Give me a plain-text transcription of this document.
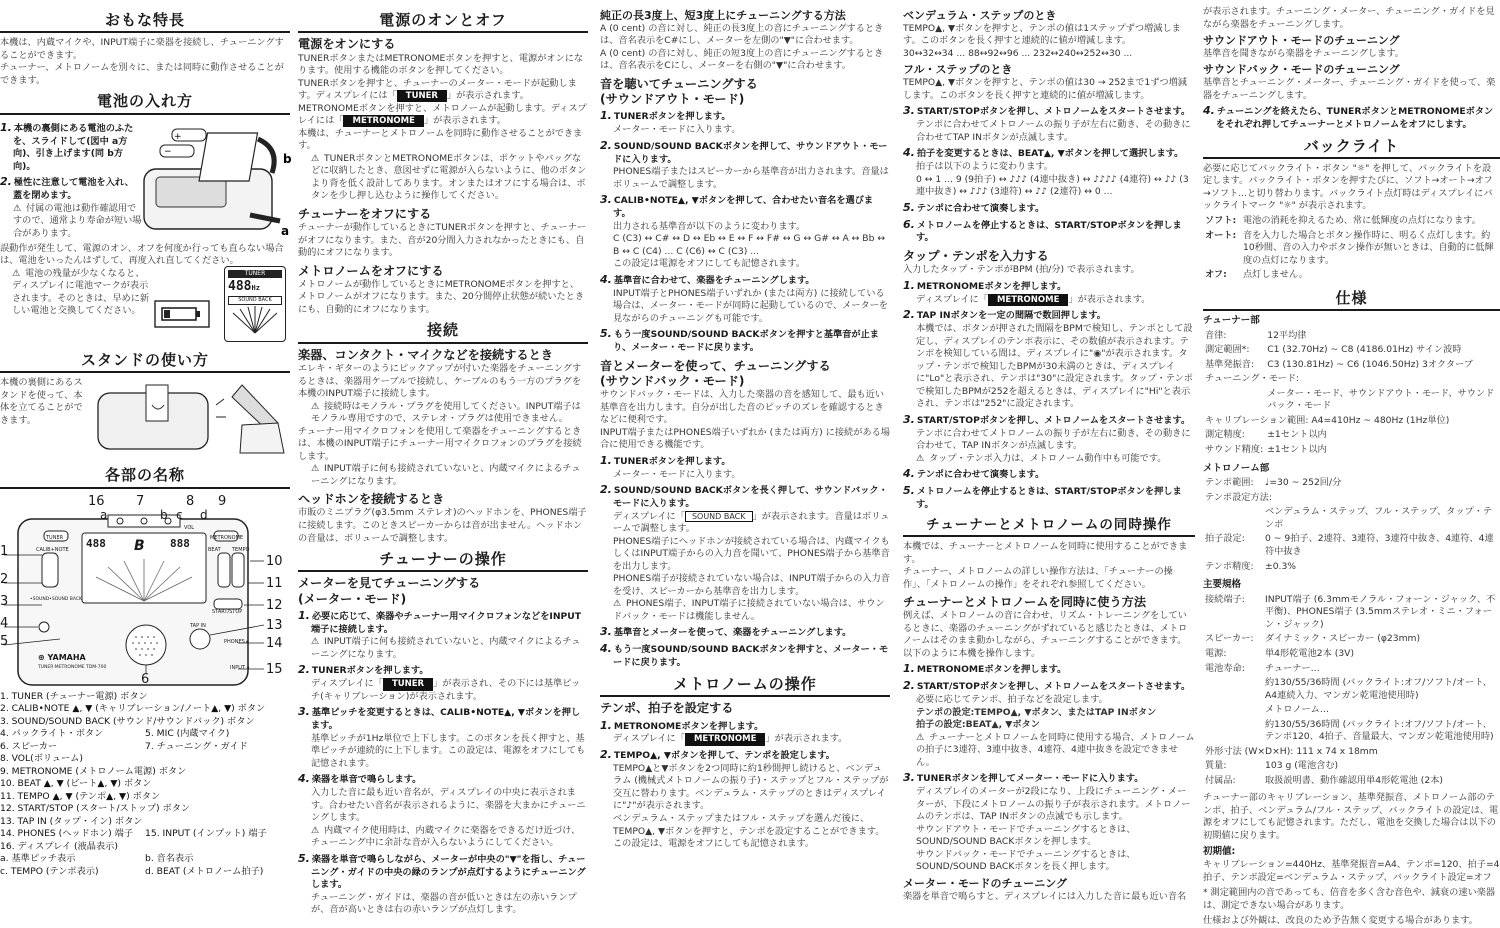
おもな特長

本機は、内蔵マイクや、INPUT端子に楽器を接続し、チューニングすることができます。

チューナー、メトロノームを別々に、または同時に動作させることができます。

電池の入れ方

1. 本機の裏側にある電池のふたを、スライドして(図中 a方向)、引き上げます(同 b方向)。

2. 極性に注意して電池を入れ、蓋を閉めます。

⚠ 付属の電池は動作確認用ですので、通常より寿命が短い場合があります。

+
−	b
a

誤動作が発生して、電源のオン、オフを何度か行っても直らない場合は、電池をいったんはずして、再度入れ直してください。

⚠ 電池の残量が少なくなると、ディスプレイに電池マークが表示されます。そのときは、早めに新しい電池と交換してください。

TUNER
488Hz
SOUND BACK
スタンドの使い方

本機の裏側にあるスタンドを使って、本体を立てることができます。

各部の名称
TUNER
CALIB+NOTE
METRONOME
BEAT TEMPO
VOL
•SOUND•SOUND BACK
START/STOP
TAP IN
PHONES ▸
INPUT ◂
⊛ YAMAHA
TUNER·METRONOME TDM-700
488	888
B
1
2
3
4
5
6
16 7	8 9
a	b c d
10
11
12
13
14
15

1. TUNER (チューナー電源) ボタン

2. CALIB•NOTE ▲, ▼ (キャリブレーション/ノート▲, ▼) ボタン

3. SOUND/SOUND BACK (サウンド/サウンドバック) ボタン

4. バックライト・ボタン	5. MIC (内蔵マイク)
6. スピーカー	7. チューニング・ガイド

8. VOL(ボリューム)

9. METRONOME (メトロノーム電源) ボタン

10. BEAT ▲, ▼ (ビート▲, ▼) ボタン

11. TEMPO ▲, ▼ (テンポ▲, ▼) ボタン

12. START/STOP (スタート/ストップ) ボタン

13. TAP IN (タップ・イン) ボタン

14. PHONES (ヘッドホン) 端子	15. INPUT (インプット) 端子

16. ディスプレイ (液晶表示)

a. 基準ピッチ表示	b. 音名表示
c. TEMPO (テンポ表示)	d. BEAT (メトロノーム拍子)
電源のオンとオフ
電源をオンにする

TUNERボタンまたはMETRONOMEボタンを押すと、電源がオンになります。使用する機能のボタンを押してください。

TUNERボタンを押すと、チューナーのメーター・モードが起動します。ディスプレイには「 TUNER 」が表示されます。

METRONOMEボタンを押すと、メトロノームが起動します。ディスプレイには「 METRONOME 」が表示されます。

本機は、チューナーとメトロノームを同時に動作させることができます。

⚠ TUNERボタンとMETRONOMEボタンは、ポケットやバッグなどに収納したとき、意図せずに電源が入らないように、他のボタンより背を低く設計してあります。オンまたはオフにする場合は、ボタンを少し押し込むように操作してください。

チューナーをオフにする

チューナーが動作しているときにTUNERボタンを押すと、チューナーがオフになります。また、音が20分間入力されなかったときにも、自動的にオフになります。

メトロノームをオフにする

メトロノームが動作しているときにMETRONOMEボタンを押すと、メトロノームがオフになります。また、20分間停止状態が続いたときにも、自動的にオフになります。

接続
楽器、コンタクト・マイクなどを接続するとき

エレキ・ギターのようにピックアップが付いた楽器をチューニングするときは、楽器用ケーブルで接続し、ケーブルのもう一方のプラグを本機のINPUT端子に接続します。

⚠ 接続時はモノラル・プラグを使用してください。INPUT端子はモノラル専用ですので、ステレオ・プラグは使用できません。

チューナー用マイクロフォンを使用して楽器をチューニングするときは、本機のINPUT端子にチューナー用マイクロフォンのプラグを接続します。

⚠ INPUT端子に何も接続されていないと、内蔵マイクによるチューニングになります。

ヘッドホンを接続するとき

市販のミニプラグ(φ3.5mm ステレオ)のヘッドホンを、PHONES端子に接続します。このときスピーカーからは音が出ません。ヘッドホンの音量は、ボリュームで調整します。

チューナーの操作
メーターを見てチューニングする
(メーター・モード)

1. 必要に応じて、楽器やチューナー用マイクロフォンなどをINPUT端子に接続します。

⚠ INPUT端子に何も接続されていないと、内蔵マイクによるチューニングになります。

2. TUNERボタンを押します。

ディスプレイに「 TUNER 」が表示され、その下には基準ピッチ(キャリブレーション)が表示されます。

3. 基準ピッチを変更するときは、CALIB•NOTE▲, ▼ボタンを押します。

基準ピッチが1Hz単位で上下します。このボタンを長く押すと、基準ピッチが連続的に上下します。この設定は、電源をオフにしても記憶されます。

4. 楽器を単音で鳴らします。

入力した音に最も近い音名が、ディスプレイの中央に表示されます。合わせたい音名が表示されるように、楽器を大まかにチューニングします。

⚠ 内蔵マイク使用時は、内蔵マイクに楽器をできるだけ近づけ、チューニング中に余計な音が入らないようにしてください。

5. 楽器を単音で鳴らしながら、メーターが中央の"▼"を指し、チューニング・ガイドの中央の緑のランプが点灯するようにチューニングします。

チューニング・ガイドは、楽器の音が低いときは左の赤いランプが、音が高いときは右の赤いランプが点灯します。

純正の長3度上、短3度上にチューニングする方法

A (0 cent) の音に対し、純正の長3度上の音にチューニングするときは、音名表示をC#にし、メーターを左側の"▼"に合わせます。

A (0 cent) の音に対し、純正の短3度上の音にチューニングするときは、音名表示をCにし、メーターを右側の"▼"に合わせます。

音を聴いてチューニングする
(サウンドアウト・モード)

1. TUNERボタンを押します。

メーター・モードに入ります。

2. SOUND/SOUND BACKボタンを押して、サウンドアウト・モードに入ります。

PHONES端子またはスピーカーから基準音が出力されます。音量はボリュームで調整します。

3. CALIB•NOTE▲, ▼ボタンを押して、合わせたい音名を選びます。

出力される基準音が以下のように変わります。

C (C3) ↔ C# ↔ D ↔ Eb ↔ E ↔ F ↔ F# ↔ G ↔ G# ↔ A ↔ Bb ↔ B ↔ C (C4) ... C (C6) ↔ C (C3) ...

この設定は電源をオフにしても記憶されます。

4. 基準音に合わせて、楽器をチューニングします。

INPUT端子とPHONES端子いずれか (または両方) に接続している場合は、メーター・モードが同時に起動しているので、メーターを見ながらのチューニングも可能です。

5. もう一度SOUND/SOUND BACKボタンを押すと基準音が止まり、メーター・モードに戻ります。

音とメーターを使って、チューニングする
(サウンドバック・モード)

サウンドバック・モードは、入力した楽器の音を感知して、最も近い基準音を出力します。自分が出した音のピッチのズレを確認するときなどに便利です。

INPUT端子またはPHONES端子いずれか (または両方) に接続がある場合に使用できる機能です。

1. TUNERボタンを押します。

メーター・モードに入ります。

2. SOUND/SOUND BACKボタンを長く押して、サウンドバック・モードに入ります。

ディスプレイに「 SOUND BACK 」が表示されます。音量はボリュームで調整します。

PHONES端子にヘッドホンが接続されている場合は、内蔵マイクもしくはINPUT端子からの入力音を聞いて、PHONES端子から基準音を出力します。

PHONES端子が接続されていない場合は、INPUT端子からの入力音を受け、スピーカーから基準音を出力します。

⚠ PHONES端子、INPUT端子に接続されていない場合は、サウンドバック・モードは機能しません。

3. 基準音とメーターを使って、楽器をチューニングします。

4. もう一度SOUND/SOUND BACKボタンを押すと、メーター・モードに戻ります。

メトロノームの操作
テンポ、拍子を設定する

1. METRONOMEボタンを押します。

ディスプレイに「 METRONOME 」が表示されます。

2. TEMPO▲, ▼ボタンを押して、テンポを設定します。

TEMPO▲と▼ボタンを2つ同時に約1秒間押し続けると、ベンデュラム (機械式メトロノームの振り子)・ステップとフル・ステップが交互に替わります。ベンデュラム・ステップのときはディスプレイに"♪"が表示されます。

ベンデュラム・ステップまたはフル・ステップを選んだ後に、TEMPO▲, ▼ボタンを押すと、テンポを設定することができます。この設定は、電源をオフにしても記憶されます。

ベンデュラム・ステップのとき

TEMPO▲, ▼ボタンを押すと、テンポの値は1ステップずつ増減します。このボタンを長く押すと連続的に値が増減します。

30↔32↔34 ... 88↔92↔96 ... 232↔240↔252↔30 ...

フル・ステップのとき

TEMPO▲, ▼ボタンを押すと、テンポの値は30 → 252まで1ずつ増減します。このボタンを長く押すと連続的に値が増減します。

3. START/STOPボタンを押し、メトロノームをスタートさせます。

テンポに合わせてメトロノームの振り子が左右に動き、その動きに合わせてTAP INボタンが点滅します。

4. 拍子を変更するときは、BEAT▲, ▼ボタンを押して選択します。

拍子は以下のように変わります。

0 ↔ 1 ... 9 (9拍子) ↔ ♪♪♪ (4連中抜き) ↔ ♪♪♪♪ (4連符) ↔ ♪♪ (3連中抜き) ↔ ♪♪♪ (3連符) ↔ ♪♪ (2連符) ↔ 0 ...

5. テンポに合わせて演奏します。

6. メトロノームを停止するときは、START/STOPボタンを押します。

タップ・テンポを入力する

入力したタップ・テンポがBPM (拍/分) で表示されます。

1. METRONOMEボタンを押します。

ディスプレイに「 METRONOME 」が表示されます。

2. TAP INボタンを一定の間隔で数回押します。

本機では、ボタンが押された間隔をBPMで検知し、テンポとして設定し、ディスプレイのテンポ表示に、その数値が表示されます。テンポを検知している間は、ディスプレイに"◉"が表示されます。タップ・テンポで検知したBPMが30未満のときは、ディスプレイに"Lo"と表示され、テンポは"30"に設定されます。タップ・テンポで検知したBPMが252を超えるときは、ディスプレイに"Hi"と表示され、テンポは"252"に設定されます。

3. START/STOPボタンを押し、メトロノームをスタートさせます。

テンポに合わせてメトロノームの振り子が左右に動き、その動きに合わせて、TAP INボタンが点滅します。

⚠ タップ・テンポ入力は、メトロノーム動作中も可能です。

4. テンポに合わせて演奏します。

5. メトロノームを停止するときは、START/STOPボタンを押します。

チューナーとメトロノームの同時操作

本機では、チューナーとメトロノームを同時に使用することができます。

チューナー、メトロノームの詳しい操作方法は、「チューナーの操作」、「メトロノームの操作」をそれぞれ参照してください。

チューナーとメトロノームを同時に使う方法

例えば、メトロノームの音に合わせ、リズム・トレーニングをしているときに、楽器のチューニングがずれていると感じたときは、メトロノームはそのまま動かしながら、チューニングすることができます。以下のように本機を操作します。

1. METRONOMEボタンを押します。

2. START/STOPボタンを押し、メトロノームをスタートさせます。

必要に応じてテンポ、拍子などを設定します。

テンポの設定:TEMPO▲, ▼ボタン、またはTAP INボタン

拍子の設定:BEAT▲, ▼ボタン

⚠ チューナーとメトロノームを同時に使用する場合、メトロノームの拍子に3連符、3連中抜き、4連符、4連中抜きを設定できません。

3. TUNERボタンを押してメーター・モードに入ります。

ディスプレイのメーターが2段になり、上段にチューニング・メーターが、下段にメトロノームの振り子が表示されます。メトロノームのテンポは、TAP INボタンの点滅でも示します。

サウンドアウト・モードでチューニングするときは、SOUND/SOUND BACKボタンを押します。

サウンドバック・モードでチューニングするときは、SOUND/SOUND BACKボタンを長く押します。

メーター・モードのチューニング

楽器を単音で鳴らすと、ディスプレイには入力した音に最も近い音名

が表示されます。チューニング・メーター、チューニング・ガイドを見ながら楽器をチューニングします。

サウンドアウト・モードのチューニング

基準音を聞きながら楽器をチューニングします。

サウンドバック・モードのチューニング

基準音とチューニング・メーター、チューニング・ガイドを使って、楽器をチューニングします。

4. チューニングを終えたら、TUNERボタンとMETRONOMEボタンをそれぞれ押してチューナーとメトロノームをオフにします。

バックライト

必要に応じてバックライト・ボタン "☼" を押して、バックライトを設定します。バックライト・ボタンを押すたびに、ソフト→オート→オフ→ソフト...と切り替わります。バックライト点灯時はディスプレイにバックライトマーク "☼" が表示されます。

ソフト:	電池の消耗を抑えるため、常に低輝度の点灯になります。
オート:	音を入力した場合とボタン操作時に、明るく点灯します。約10秒間、音の入力やボタン操作が無いときは、自動的に低輝度の点灯になります。
オフ:	点灯しません。
仕様
チューナー部
音律:	12平均律
測定範囲*:	C1 (32.70Hz) ~ C8 (4186.01Hz) サイン波時
基準発振音:	C3 (130.81Hz) ~ C6 (1046.50Hz) 3オクターブ
チューニング・モード:	
	メーター・モード、サウンドアウト・モード、サウンドバック・モード
キャリブレーション範囲: A4=410Hz ~ 480Hz (1Hz単位)	
測定精度:	±1セント以内
サウンド精度:	±1セント以内
メトロノーム部
テンポ範囲:	♩=30 ~ 252回/分
テンポ設定方法:	
	ベンデュラム・ステップ、フル・ステップ、タップ・テンポ
拍子設定:	0 ~ 9拍子、2連符、3連符、3連符中抜き、4連符、4連符中抜き
テンポ精度:	±0.3%
主要規格
接続端子:	INPUT端子 (6.3mmモノラル・フォーン・ジャック、不平衡)、PHONES端子 (3.5mmステレオ・ミニ・フォーン・ジャック)
スピーカー:	ダイナミック・スピーカー (φ23mm)
電源:	単4形乾電池2本 (3V)
電池寿命:	チューナー…
	約130/55/36時間 (バックライト:オフ/ソフト/オート、A4連続入力、マンガン乾電池使用時)
	メトロノーム…
	約130/55/36時間 (バックライト:オフ/ソフト/オート、テンポ120、4拍子、音量最大、マンガン乾電池使用時)
外形寸法 (W×D×H): 111 x 74 x 18mm	
質量:	103 g (電池含む)
付属品:	取扱説明書、動作確認用単4形乾電池 (2本)

チューナー部のキャリブレーション、基準発振音、メトロノーム部のテンポ、拍子、ベンデュラム/フル・ステップ、バックライトの設定は、電源をオフにしても記憶されます。ただし、電池を交換した場合は以下の初期値に戻ります。

初期値:

キャリブレーション=440Hz、基準発振音=A4、テンポ=120、拍子=4拍子、テンポ設定=ベンデュラム・ステップ、バックライト設定=オフ

* 測定範囲内の音であっても、倍音を多く含む音色や、減衰の速い楽器は、測定できない場合があります。

仕様および外観は、改良のため予告無く変更する場合があります。
